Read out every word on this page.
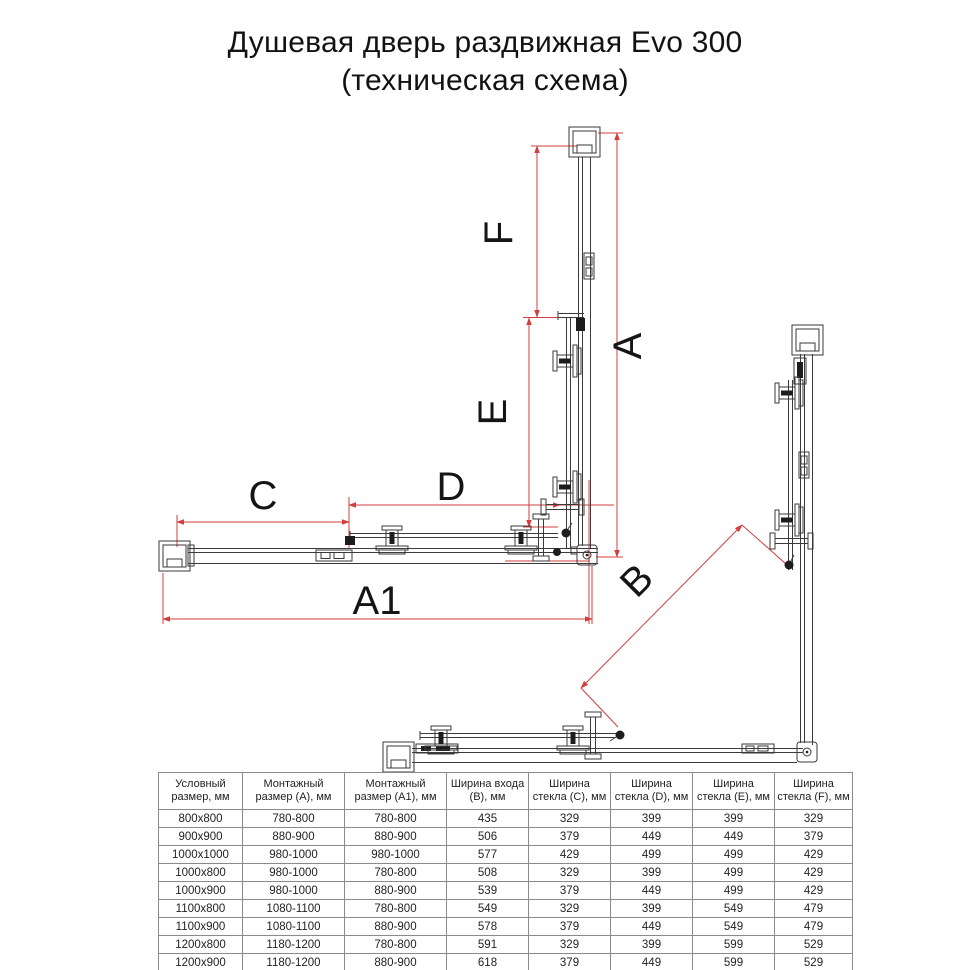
Душевая дверь раздвижная Evo 300
(техническая схема)
F
E
A
C	D
A1	B
Условный размер, мм	Монтажный размер (A), мм	Монтажный размер (A1), мм	Ширина входа (B), мм	Ширина стекла (C), мм	Ширина стекла (D), мм	Ширина стекла (E), мм	Ширина стекла (F), мм
800x800	780-800	780-800	435	329	399	399	329
900x900	880-900	880-900	506	379	449	449	379
1000x1000	980-1000	980-1000	577	429	499	499	429
1000x800	980-1000	780-800	508	329	399	499	429
1000x900	980-1000	880-900	539	379	449	499	429
1100x800	1080-1100	780-800	549	329	399	549	479
1100x900	1080-1100	880-900	578	379	449	549	479
1200x800	1180-1200	780-800	591	329	399	599	529
1200x900	1180-1200	880-900	618	379	449	599	529
